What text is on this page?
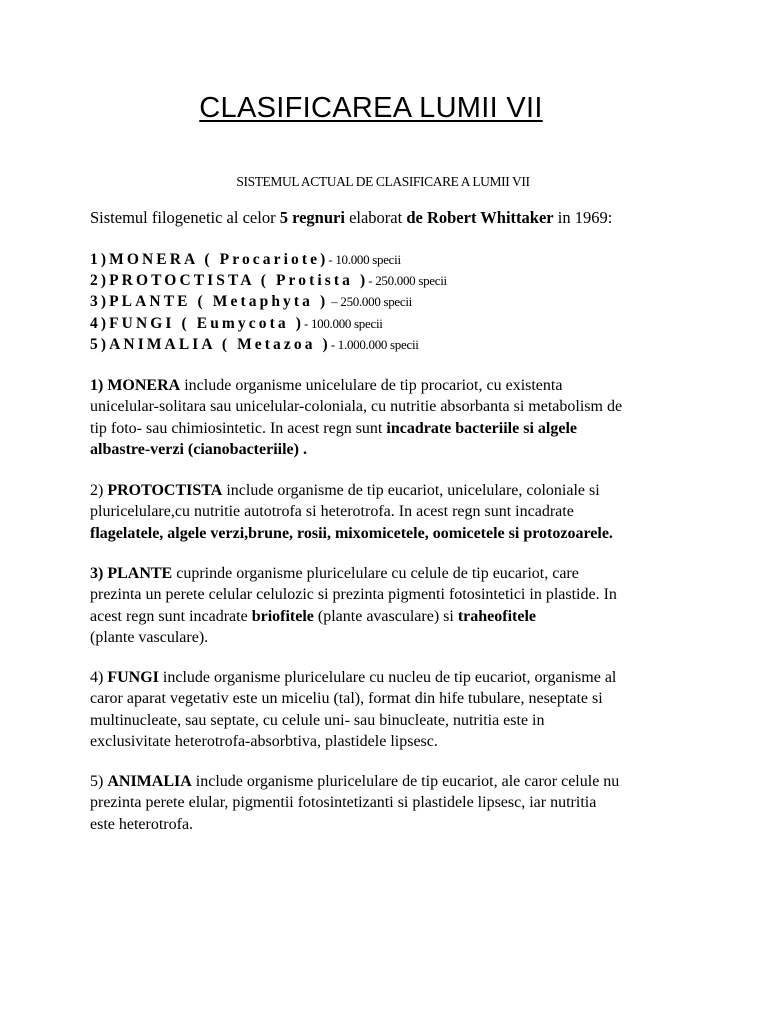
CLASIFICAREA LUMII VII
SISTEMUL ACTUAL DE CLASIFICARE A LUMII VII
Sistemul filogenetic al celor 5 regnuri elaborat de Robert Whittaker in 1969:
1)MONERA ( Procariote)- 10.000 specii
2)PROTOCTISTA ( Protista )- 250.000 specii
3)PLANTE ( Metaphyta ) – 250.000 specii
4)FUNGI ( Eumycota )- 100.000 specii
5)ANIMALIA ( Metazoa )- 1.000.000 specii
1) MONERA include organisme unicelulare de tip procariot, cu existenta
unicelular-solitara sau unicelular-coloniala, cu nutritie absorbanta si metabolism de
tip foto- sau chimiosintetic. In acest regn sunt incadrate bacteriile si algele
albastre-verzi (cianobacteriile) .
2) PROTOCTISTA include organisme de tip eucariot, unicelulare, coloniale si
pluricelulare,cu nutritie autotrofa si heterotrofa. In acest regn sunt incadrate
flagelatele, algele verzi,brune, rosii, mixomicetele, oomicetele si protozoarele.
3) PLANTE cuprinde organisme pluricelulare cu celule de tip eucariot, care
prezinta un perete celular celulozic si prezinta pigmenti fotosintetici in plastide. In
acest regn sunt incadrate briofitele (plante avasculare) si traheofitele
(plante vasculare).
4) FUNGI include organisme pluricelulare cu nucleu de tip eucariot, organisme al
caror aparat vegetativ este un miceliu (tal), format din hife tubulare, neseptate si
multinucleate, sau septate, cu celule uni- sau binucleate, nutritia este in
exclusivitate heterotrofa-absorbtiva, plastidele lipsesc.
5) ANIMALIA include organisme pluricelulare de tip eucariot, ale caror celule nu
prezinta perete elular, pigmentii fotosintetizanti si plastidele lipsesc, iar nutritia
este heterotrofa.
